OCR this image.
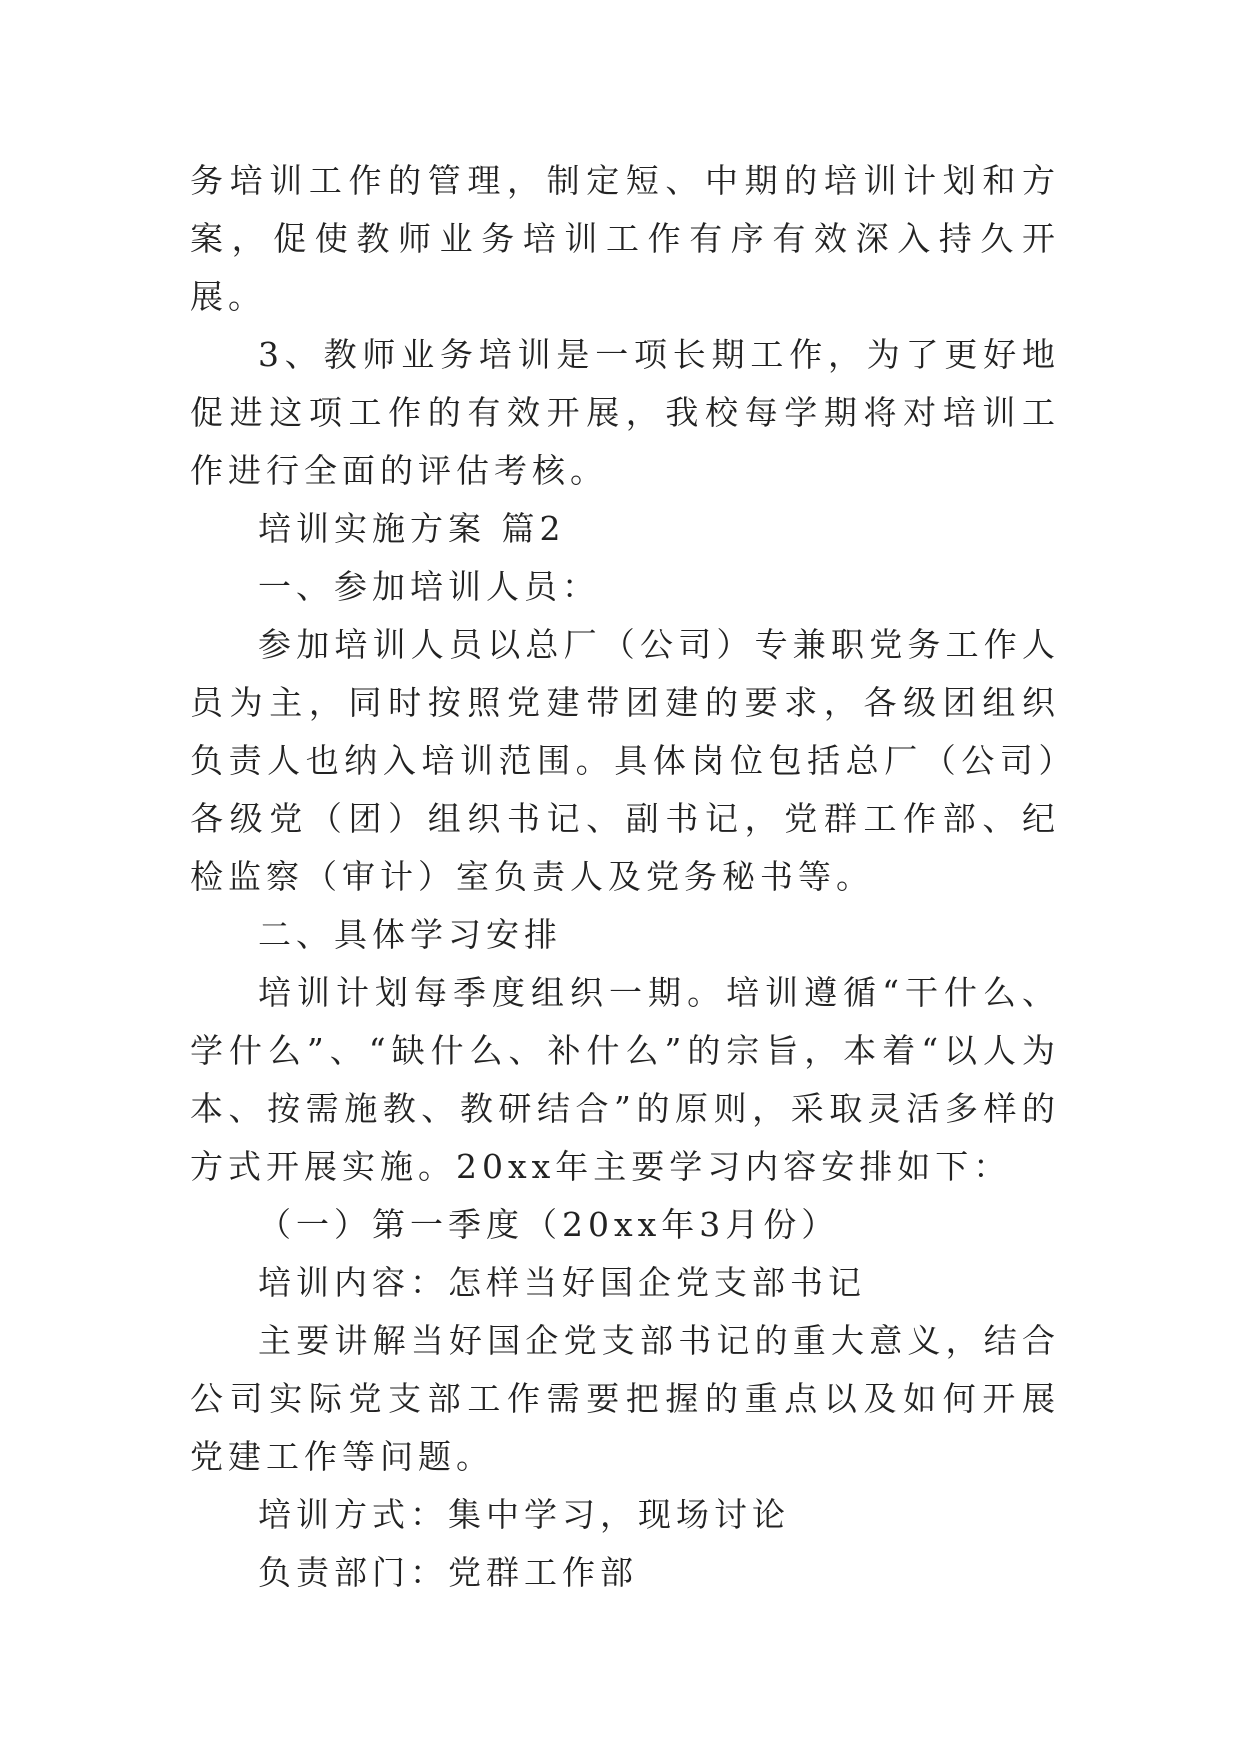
务培训工作的管理，制定短、中期的培训计划和方案，促使教师业务培训工作有序有效深入持久开展。

3、教师业务培训是一项长期工作，为了更好地促进这项工作的有效开展，我校每学期将对培训工作进行全面的评估考核。

培训实施方案 篇2

一、参加培训人员：

参加培训人员以总厂（公司）专兼职党务工作人员为主，同时按照党建带团建的要求，各级团组织负责人也纳入培训范围。具体岗位包括总厂（公司）各级党（团）组织书记、副书记，党群工作部、纪检监察（审计）室负责人及党务秘书等。

二、具体学习安排

培训计划每季度组织一期。培训遵循“干什么、学什么”、“缺什么、补什么”的宗旨，本着“以人为本、按需施教、教研结合”的原则，采取灵活多样的方式开展实施。20xx年主要学习内容安排如下：

（一）第一季度（20xx年3月份）

培训内容：怎样当好国企党支部书记

主要讲解当好国企党支部书记的重大意义，结合公司实际党支部工作需要把握的重点以及如何开展党建工作等问题。

培训方式：集中学习，现场讨论

负责部门：党群工作部
